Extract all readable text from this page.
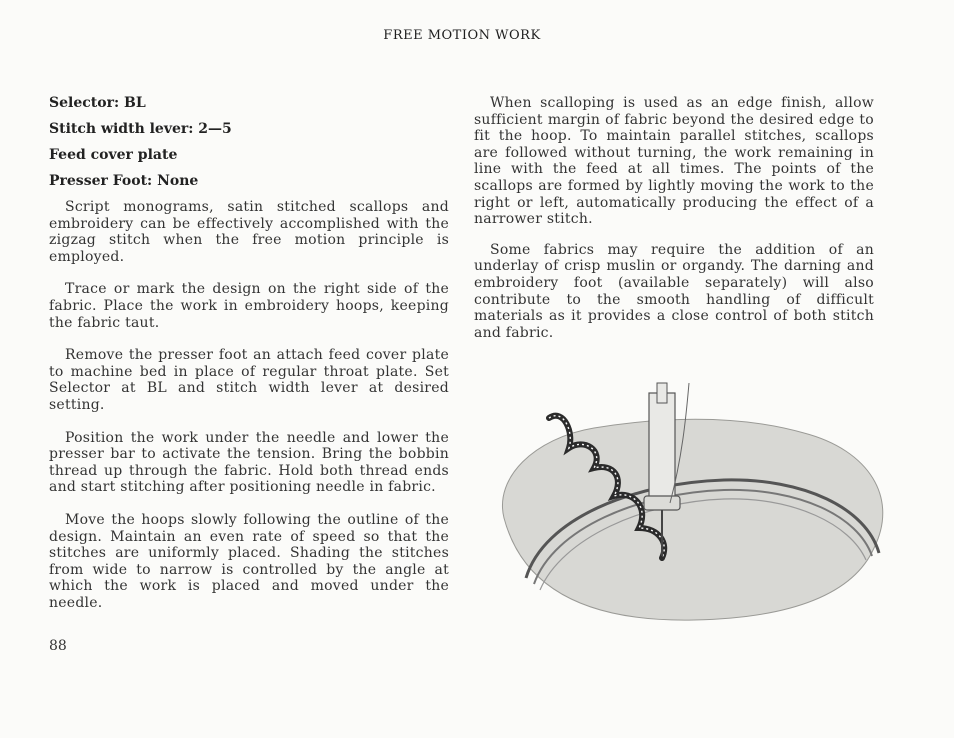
FREE MOTION WORK

Selector: BL

Stitch width lever: 2—5

Feed cover plate

Presser Foot: None

Script monograms, satin stitched scallops and embroidery can be effectively accomplished with the zigzag stitch when the free motion principle is employed.

Trace or mark the design on the right side of the fabric. Place the work in embroidery hoops, keeping the fabric taut.

Remove the presser foot an attach feed cover plate to machine bed in place of regular throat plate. Set Selector at BL and stitch width lever at desired setting.

Position the work under the needle and lower the presser bar to activate the tension. Bring the bobbin thread up through the fabric. Hold both thread ends and start stitching after positioning needle in fabric.

Move the hoops slowly following the outline of the design. Maintain an even rate of speed so that the stitches are uniformly placed. Shading the stitches from wide to narrow is controlled by the angle at which the work is placed and moved under the needle.

When scalloping is used as an edge finish, allow sufficient margin of fabric beyond the desired edge to fit the hoop. To maintain parallel stitches, scallops are followed without turning, the work remaining in line with the feed at all times. The points of the scallops are formed by lightly moving the work to the right or left, automatically producing the effect of a narrower stitch.

Some fabrics may require the addition of an underlay of crisp muslin or organdy. The darning and embroidery foot (available separately) will also contribute to the smooth handling of difficult materials as it provides a close control of both stitch and fabric.

88
